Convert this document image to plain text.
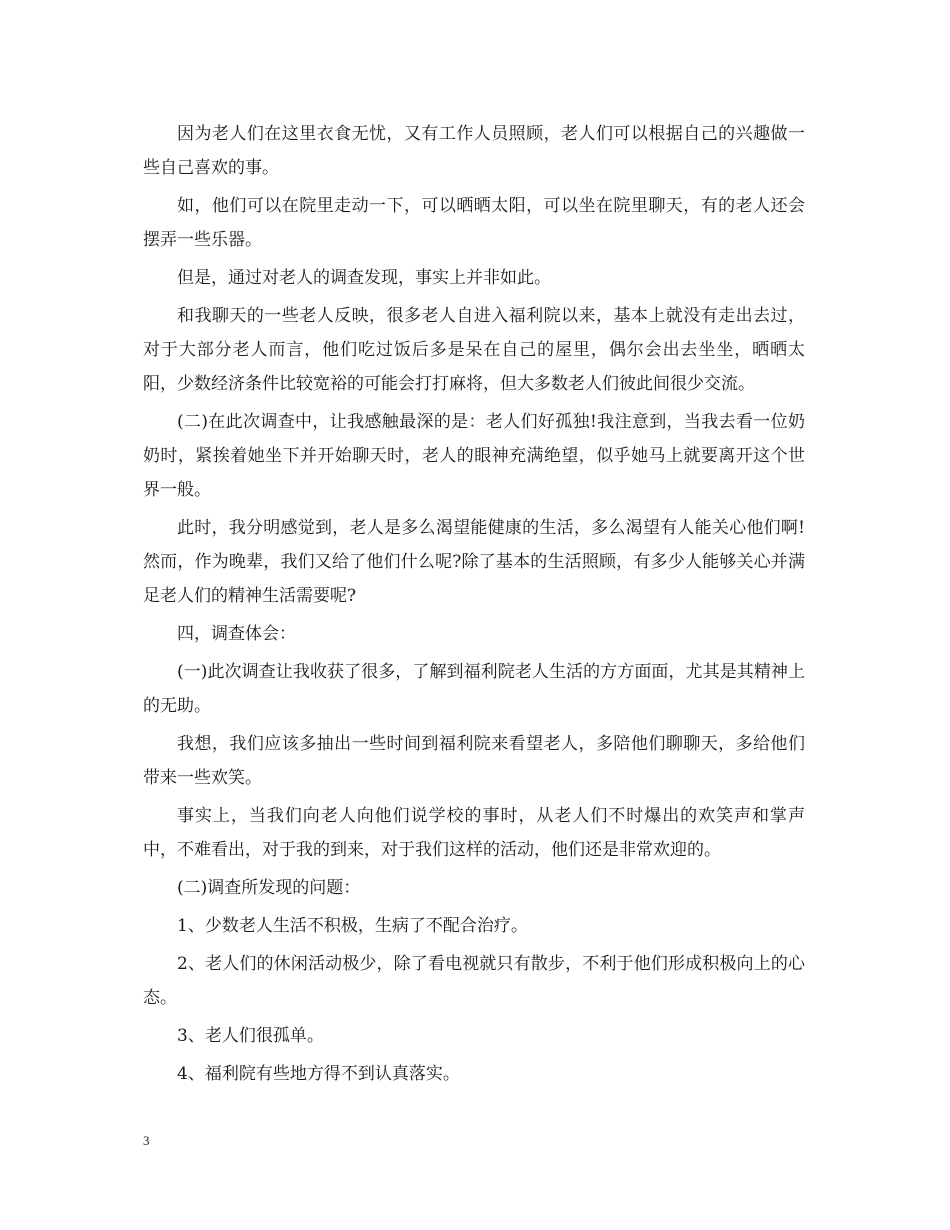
因为老人们在这里衣食无忧，又有工作人员照顾，老人们可以根据自己的兴趣做一些自己喜欢的事。

如，他们可以在院里走动一下，可以晒晒太阳，可以坐在院里聊天，有的老人还会摆弄一些乐器。

但是，通过对老人的调查发现，事实上并非如此。

和我聊天的一些老人反映，很多老人自进入福利院以来，基本上就没有走出去过，对于大部分老人而言，他们吃过饭后多是呆在自己的屋里，偶尔会出去坐坐，晒晒太阳，少数经济条件比较宽裕的可能会打打麻将，但大多数老人们彼此间很少交流。

(二)在此次调查中，让我感触最深的是：老人们好孤独!我注意到，当我去看一位奶奶时，紧挨着她坐下并开始聊天时，老人的眼神充满绝望，似乎她马上就要离开这个世界一般。

此时，我分明感觉到，老人是多么渴望能健康的生活，多么渴望有人能关心他们啊!然而，作为晚辈，我们又给了他们什么呢?除了基本的生活照顾，有多少人能够关心并满足老人们的精神生活需要呢?

四，调查体会：

(一)此次调查让我收获了很多，了解到福利院老人生活的方方面面，尤其是其精神上的无助。

我想，我们应该多抽出一些时间到福利院来看望老人，多陪他们聊聊天，多给他们带来一些欢笑。

事实上，当我们向老人向他们说学校的事时，从老人们不时爆出的欢笑声和掌声中，不难看出，对于我的到来，对于我们这样的活动，他们还是非常欢迎的。

(二)调查所发现的问题：

1、少数老人生活不积极，生病了不配合治疗。

2、老人们的休闲活动极少，除了看电视就只有散步，不利于他们形成积极向上的心态。

3、老人们很孤单。

4、福利院有些地方得不到认真落实。

3
